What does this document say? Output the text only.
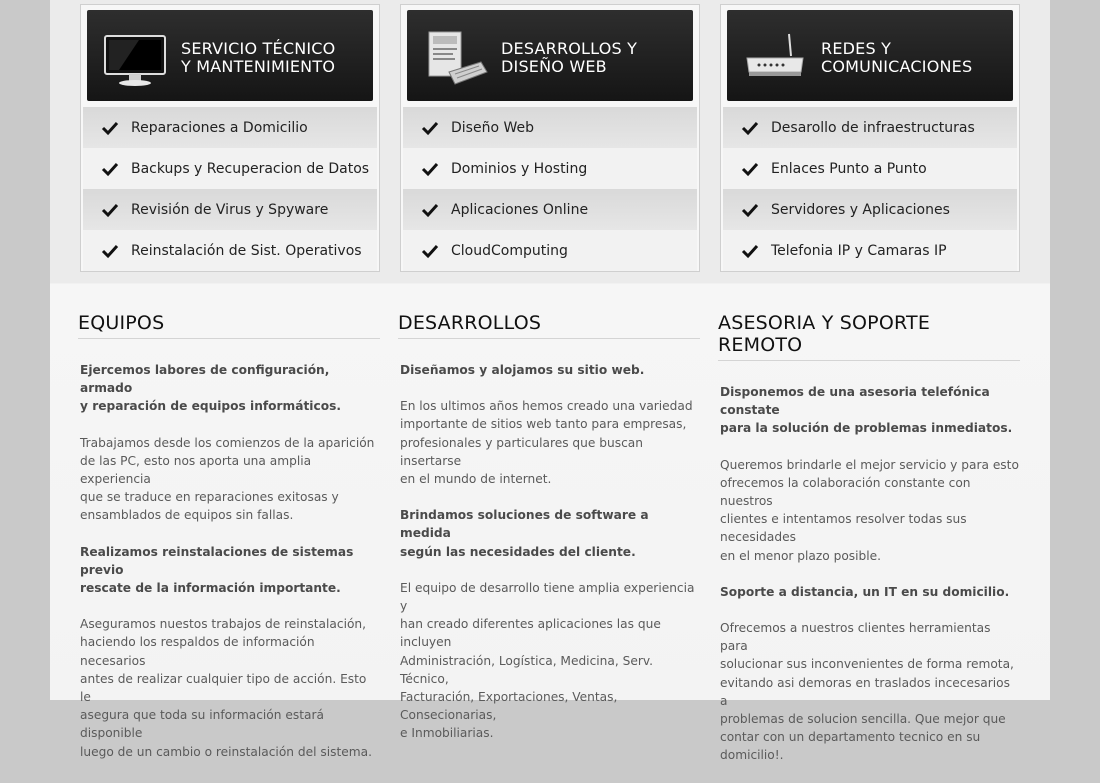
SERVICIO TÉCNICO
Y MANTENIMIENTO
Reparaciones a Domicilio
Backups y Recuperacion de Datos
Revisión de Virus y Spyware
Reinstalación de Sist. Operativos
DESARROLLOS Y
DISEÑO WEB
Diseño Web
Dominios y Hosting
Aplicaciones Online
CloudComputing
REDES Y
COMUNICACIONES
Desarollo de infraestructuras
Enlaces Punto a Punto
Servidores y Aplicaciones
Telefonia IP y Camaras IP
EQUIPOS

Ejercemos labores de configuración, armado
y reparación de equipos informáticos.

Trabajamos desde los comienzos de la aparición
de las PC, esto nos aporta una amplia experiencia
que se traduce en reparaciones exitosas y
ensamblados de equipos sin fallas.

Realizamos reinstalaciones de sistemas previo
rescate de la información importante.

Aseguramos nuestos trabajos de reinstalación,
haciendo los respaldos de información necesarios
antes de realizar cualquier tipo de acción. Esto le
asegura que toda su información estará disponible
luego de un cambio o reinstalación del sistema.

DESARROLLOS

Diseñamos y alojamos su sitio web.

En los ultimos años hemos creado una variedad
importante de sitios web tanto para empresas,
profesionales y particulares que buscan insertarse
en el mundo de internet.

Brindamos soluciones de software a medida
según las necesidades del cliente.

El equipo de desarrollo tiene amplia experiencia y
han creado diferentes aplicaciones las que incluyen
Administración, Logística, Medicina, Serv. Técnico,
Facturación, Exportaciones, Ventas, Consecionarias,
e Inmobiliarias.

ASESORIA Y SOPORTE REMOTO

Disponemos de una asesoria telefónica constate
para la solución de problemas inmediatos.

Queremos brindarle el mejor servicio y para esto
ofrecemos la colaboración constante con nuestros
clientes e intentamos resolver todas sus necesidades
en el menor plazo posible.

Soporte a distancia, un IT en su domicilio.

Ofrecemos a nuestros clientes herramientas para
solucionar sus inconvenientes de forma remota,
evitando asi demoras en traslados incecesarios a
problemas de solucion sencilla. Que mejor que
contar con un departamento tecnico en su domicilio!.
